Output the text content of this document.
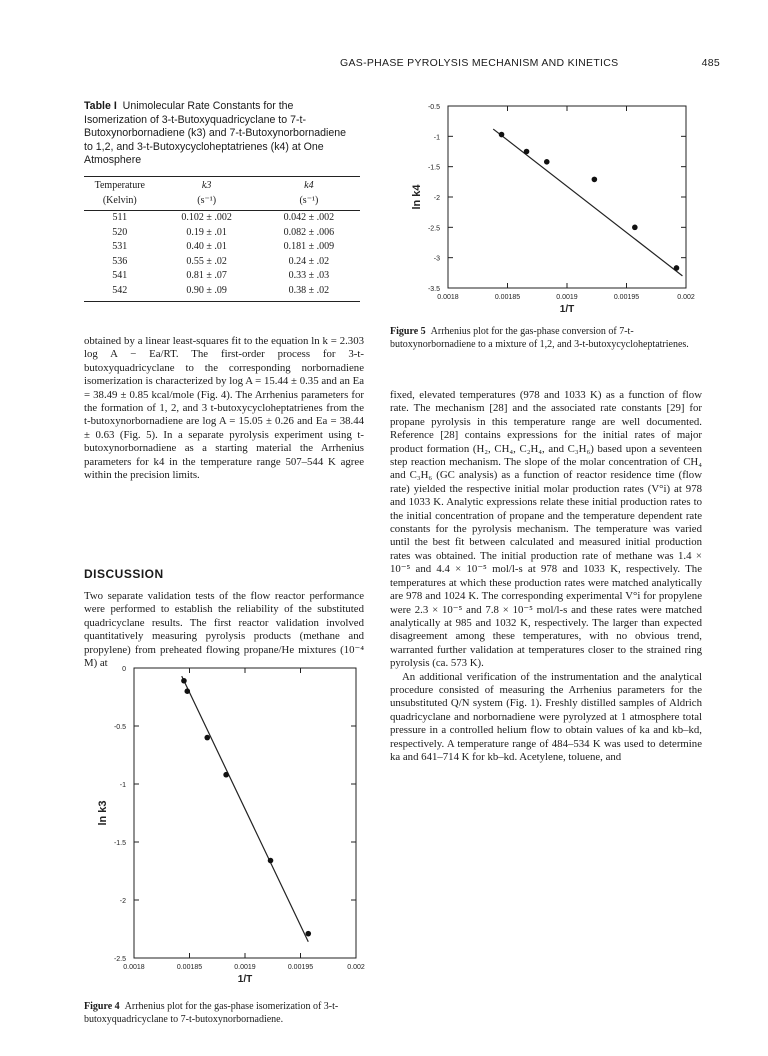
GAS-PHASE PYROLYSIS MECHANISM AND KINETICS	485
Table I Unimolecular Rate Constants for the Isomerization of 3-t-Butoxyquadricyclane to 7-t-Butoxynorbornadiene (k3) and 7-t-Butoxynorbornadiene to 1,2, and 3-t-Butoxycycloheptatrienes (k4) at One Atmosphere
Temperature	k3	k4
(Kelvin)	(s⁻¹)	(s⁻¹)
511	0.102 ± .002	0.042 ± .002
520	0.19 ± .01	0.082 ± .006
531	0.40 ± .01	0.181 ± .009
536	0.55 ± .02	0.24 ± .02
541	0.81 ± .07	0.33 ± .03
542	0.90 ± .09	0.38 ± .02
obtained by a linear least-squares fit to the equation ln k = 2.303 log A − Ea/RT. The first-order process for 3-t-butoxyquadricyclane to the corresponding norbornadiene isomerization is characterized by log A = 15.44 ± 0.35 and an Ea = 38.49 ± 0.85 kcal/mole (Fig. 4). The Arrhenius parameters for the formation of 1, 2, and 3 t-butoxycycloheptatrienes from the t-butoxynorbornadiene are log A = 15.05 ± 0.26 and Ea = 38.44 ± 0.63 (Fig. 5). In a separate pyrolysis experiment using t-butoxynorbornadiene as a starting material the Arrhenius parameters for k4 in the temperature range 507–544 K agree within the precision limits.
DISCUSSION
Two separate validation tests of the flow reactor performance were performed to establish the reliability of the substituted quadricyclane results. The first reactor validation involved quantitatively measuring pyrolysis products (methane and propylene) from preheated flowing propane/He mixtures (10⁻⁴ M) at
0.0018	0.00185	0.0019	0.00195	0.002
-0.5
-1
-1.5
-2
-2.5
-3
-3.5
1/T
ln k4
Figure 5 Arrhenius plot for the gas-phase conversion of 7-t-butoxynorbornadiene to a mixture of 1,2, and 3-t-butoxycycloheptatrienes.
fixed, elevated temperatures (978 and 1033 K) as a function of flow rate. The mechanism [28] and the associated rate constants [29] for propane pyrolysis in this temperature range are well documented. Reference [28] contains expressions for the initial rates of major product formation (H₂, CH₄, C₂H₄, and C₃H₆) based upon a seventeen step reaction mechanism. The slope of the molar concentration of CH₄ and C₃H₆ (GC analysis) as a function of reactor residence time (flow rate) yielded the respective initial molar production rates (V°i) at 978 and 1033 K. Analytic expressions relate these initial production rates to the initial concentration of propane and the temperature dependent rate constants for the pyrolysis mechanism. The temperature was varied until the best fit between calculated and measured initial production rates was obtained. The initial production rate of methane was 1.4 × 10⁻⁵ and 4.4 × 10⁻⁵ mol/l-s at 978 and 1033 K, respectively. The temperatures at which these production rates were matched analytically are 978 and 1024 K. The corresponding experimental V°i for propylene were 2.3 × 10⁻⁵ and 7.8 × 10⁻⁵ mol/l-s and these rates were matched analytically at 985 and 1032 K, respectively. The larger than expected disagreement among these temperatures, with no obvious trend, warranted further validation at temperatures closer to the strained ring pyrolysis (ca. 573 K).
An additional verification of the instrumentation and the analytical procedure consisted of measuring the Arrhenius parameters for the unsubstituted Q/N system (Fig. 1). Freshly distilled samples of Aldrich quadricyclane and norbornadiene were pyrolyzed at 1 atmosphere total pressure in a controlled helium flow to obtain values of ka and kb–kd, respectively. A temperature range of 484–534 K was used to determine ka and 641–714 K for kb–kd. Acetylene, toluene, and
0.0018	0.00185	0.0019	0.00195	0.002
0
-0.5
-1
-1.5
-2
-2.5
1/T
ln k3
Figure 4 Arrhenius plot for the gas-phase isomerization of 3-t-butoxyquadricyclane to 7-t-butoxynorbornadiene.
